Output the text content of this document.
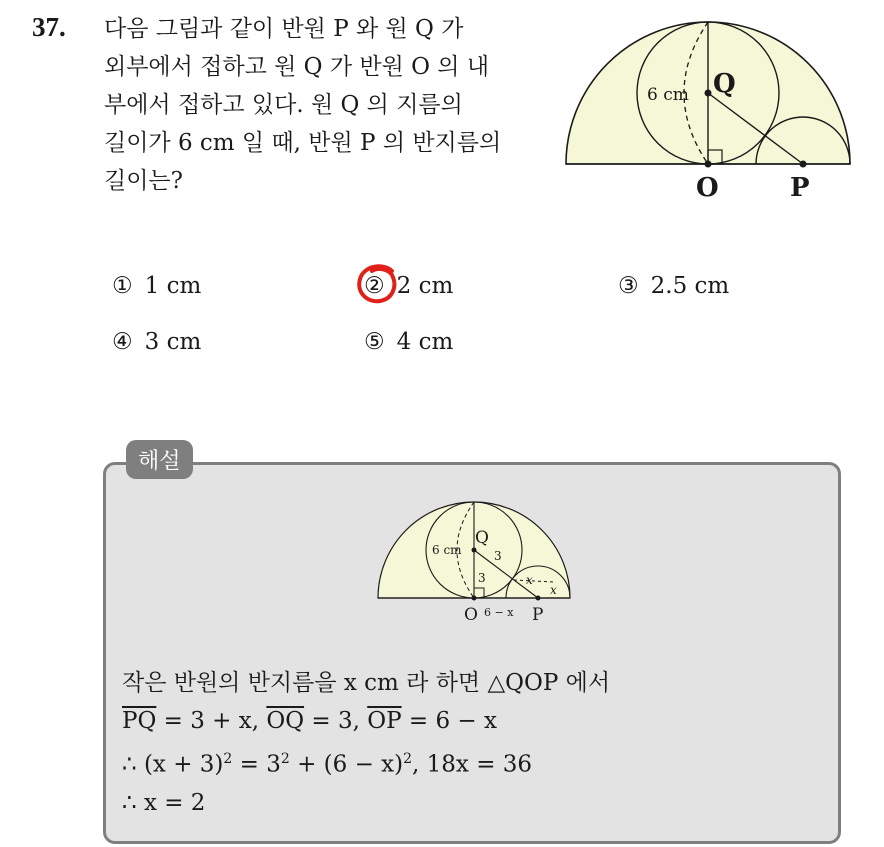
37. 다음 그림과 같이 반원 P 와 원 Q 가
외부에서 접하고 원 Q 가 반원 O 의 내
부에서 접하고 있다. 원 Q 의 지름의
길이가 6 cm 일 때, 반원 P 의 반지름의
길이는?
6 cm Q
O	P
① 1 cm	② 2 cm	③ 2.5 cm
④ 3 cm	⑤ 4 cm
해설
6 cm
Q
3
3	x
x
O 6 − x P
작은 반원의 반지름을 x cm 라 하면 △QOP 에서
$\overline{PQ} = 3 + x$, $\overline{OQ} = 3$, $\overline{OP} = 6 - x$
∴ $(x + 3)^2 = 3^2 + (6 - x)^2$, 18x = 36
∴ x = 2
